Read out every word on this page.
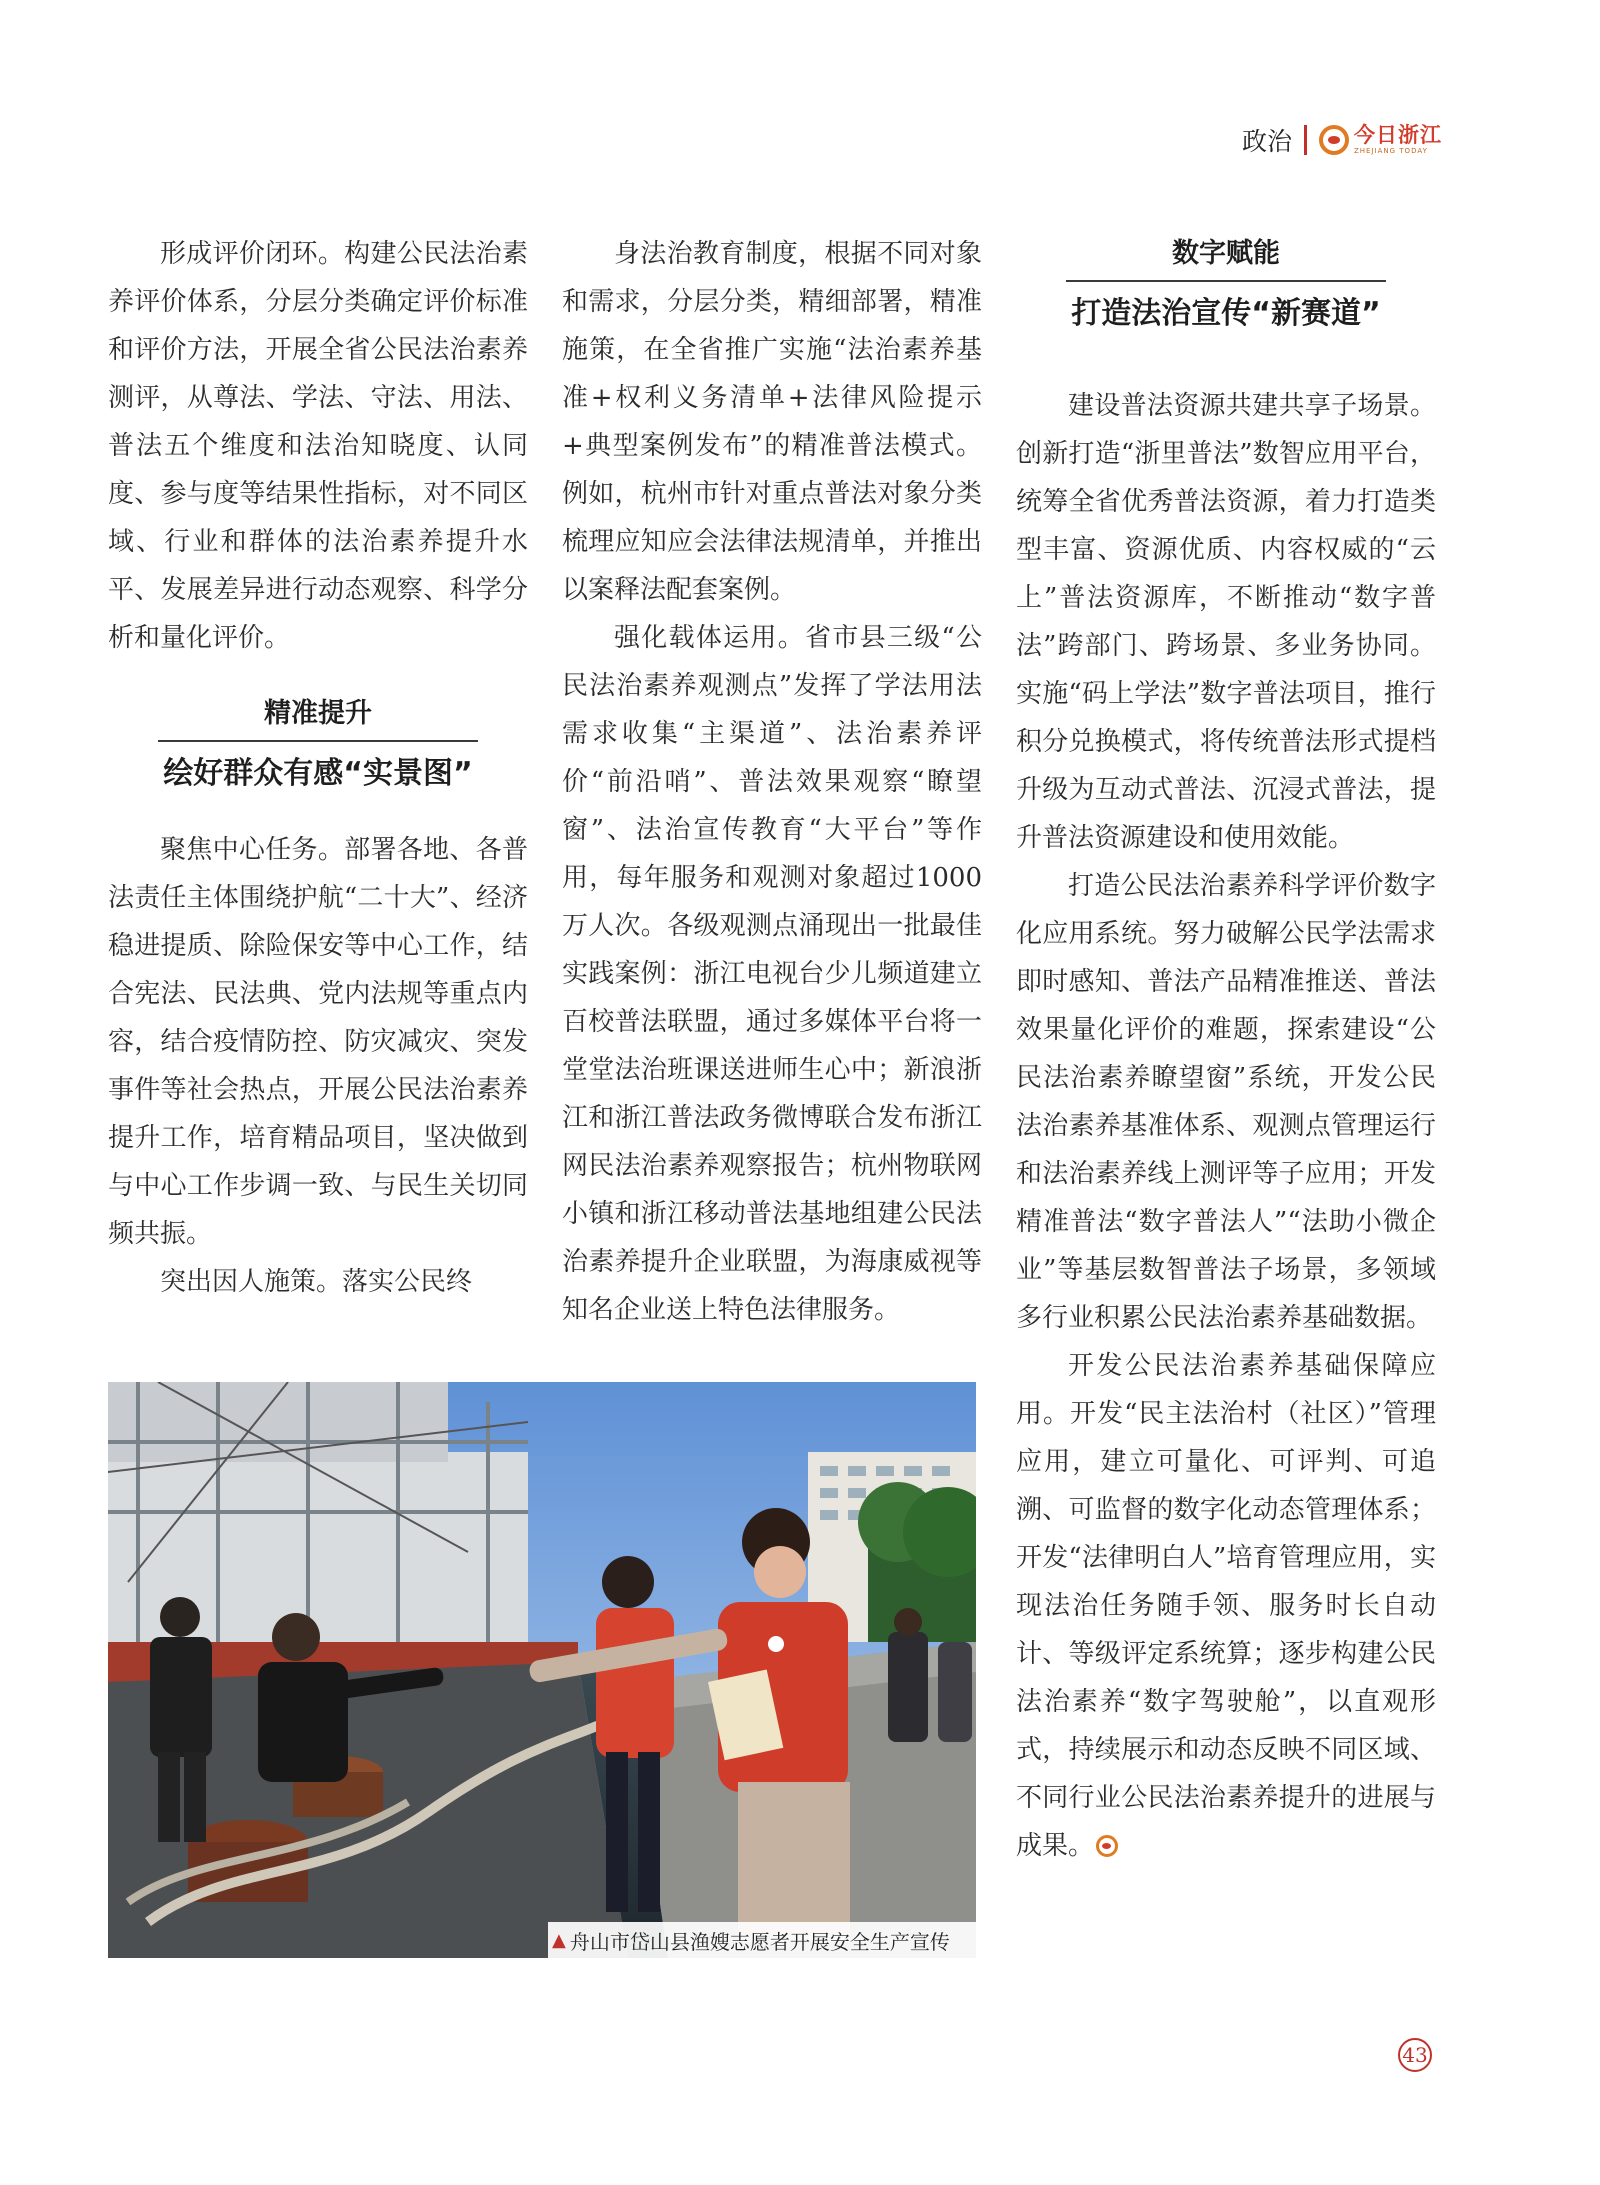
政治	今日浙江
ZHEJIANG TODAY

形成评价闭环。构建公民法治素养评价体系，分层分类确定评价标准和评价方法，开展全省公民法治素养测评，从尊法、学法、守法、用法、普法五个维度和法治知晓度、认同度、参与度等结果性指标，对不同区域、行业和群体的法治素养提升水平、发展差异进行动态观察、科学分析和量化评价。

精准提升
绘好群众有感“实景图”

聚焦中心任务。部署各地、各普法责任主体围绕护航“二十大”、经济稳进提质、除险保安等中心工作，结合宪法、民法典、党内法规等重点内容，结合疫情防控、防灾减灾、突发事件等社会热点，开展公民法治素养提升工作，培育精品项目，坚决做到与中心工作步调一致、与民生关切同频共振。

突出因人施策。落实公民终

身法治教育制度，根据不同对象和需求，分层分类，精细部署，精准施策，在全省推广实施“法治素养基准+权利义务清单+法律风险提示+典型案例发布”的精准普法模式。例如，杭州市针对重点普法对象分类梳理应知应会法律法规清单，并推出以案释法配套案例。

强化载体运用。省市县三级“公民法治素养观测点”发挥了学法用法需求收集“主渠道”、法治素养评价“前沿哨”、普法效果观察“瞭望窗”、法治宣传教育“大平台”等作用，每年服务和观测对象超过1000万人次。各级观测点涌现出一批最佳实践案例：浙江电视台少儿频道建立百校普法联盟，通过多媒体平台将一堂堂法治班课送进师生心中；新浪浙江和浙江普法政务微博联合发布浙江网民法治素养观察报告；杭州物联网小镇和浙江移动普法基地组建公民法治素养提升企业联盟，为海康威视等知名企业送上特色法律服务。

数字赋能
打造法治宣传“新赛道”

建设普法资源共建共享子场景。创新打造“浙里普法”数智应用平台，统筹全省优秀普法资源，着力打造类型丰富、资源优质、内容权威的“云上”普法资源库，不断推动“数字普法”跨部门、跨场景、多业务协同。实施“码上学法”数字普法项目，推行积分兑换模式，将传统普法形式提档升级为互动式普法、沉浸式普法，提升普法资源建设和使用效能。

打造公民法治素养科学评价数字化应用系统。努力破解公民学法需求即时感知、普法产品精准推送、普法效果量化评价的难题，探索建设“公民法治素养瞭望窗”系统，开发公民法治素养基准体系、观测点管理运行和法治素养线上测评等子应用；开发精准普法“数字普法人”“法助小微企业”等基层数智普法子场景，多领域多行业积累公民法治素养基础数据。

开发公民法治素养基础保障应用。开发“民主法治村（社区）”管理应用，建立可量化、可评判、可追溯、可监督的数字化动态管理体系；开发“法律明白人”培育管理应用，实现法治任务随手领、服务时长自动计、等级评定系统算；逐步构建公民法治素养“数字驾驶舱”，以直观形式，持续展示和动态反映不同区域、不同行业公民法治素养提升的进展与成果。

▲ 舟山市岱山县渔嫂志愿者开展安全生产宣传
43
